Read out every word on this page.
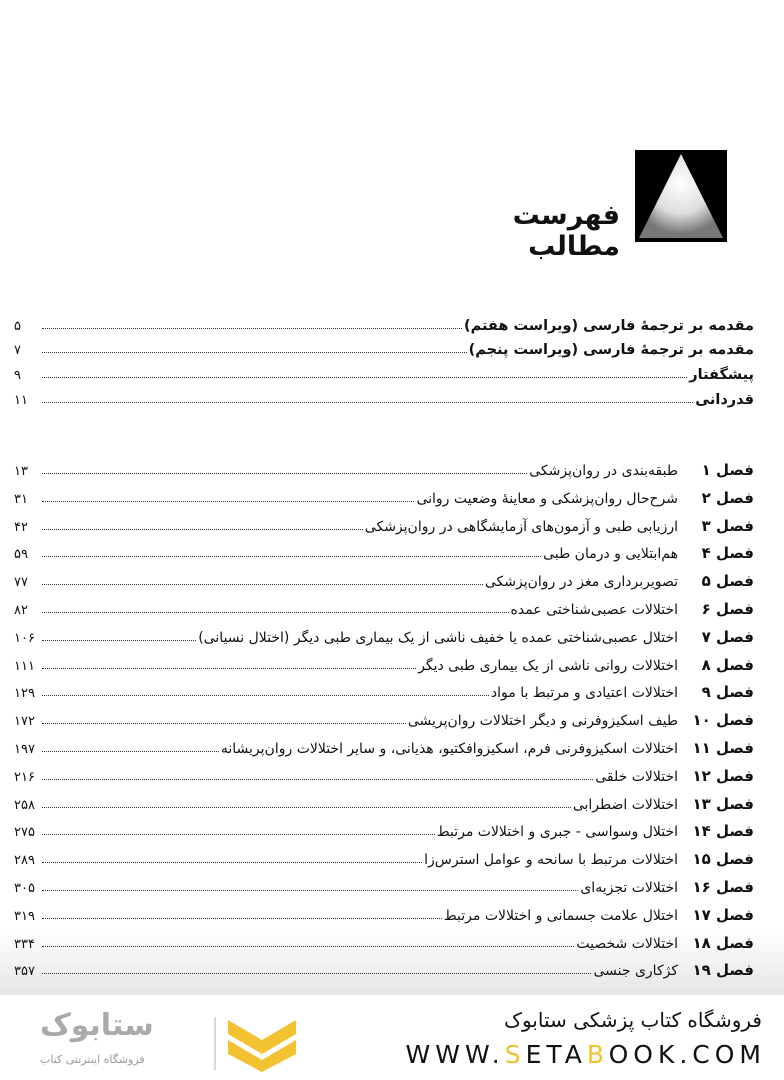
فهرست مطالب
مقدمه بر ترجمهٔ فارسی (ویراست هفتم)
۵
مقدمه بر ترجمهٔ فارسی (ویراست پنجم)
۷
پیشگفتار
۹
قدردانی
۱۱
فصل ۱
طبقه‌بندی در روان‌پزشکی
۱۳
فصل ۲
شرح‌حال روان‌پزشکی و معاینهٔ وضعیت روانی
۳۱
فصل ۳
ارزیابی طبی و آزمون‌های آزمایشگاهی در روان‌پزشکی
۴۲
فصل ۴
هم‌ابتلایی و درمان طبی
۵۹
فصل ۵
تصویربرداری مغز در روان‌پزشکی
۷۷
فصل ۶
اختلالات عصبی‌شناختی عمده
۸۲
فصل ۷
اختلال عصبی‌شناختی عمده یا خفیف ناشی از یک بیماری طبی دیگر (اختلال نسیانی)
۱۰۶
فصل ۸
اختلالات روانی ناشی از یک بیماری طبی دیگر
۱۱۱
فصل ۹
اختلالات اعتیادی و مرتبط با مواد
۱۲۹
فصل ۱۰
طیف اسکیزوفرنی و دیگر اختلالات روان‌پریشی
۱۷۲
فصل ۱۱
اختلالات اسکیزوفرنی فرم، اسکیزوافکتیو، هذیانی، و سایر اختلالات روان‌پریشانه
۱۹۷
فصل ۱۲
اختلالات خلقی
۲۱۶
فصل ۱۳
اختلالات اضطرابی
۲۵۸
فصل ۱۴
اختلال وسواسی - جبری و اختلالات مرتبط
۲۷۵
فصل ۱۵
اختلالات مرتبط با سانحه و عوامل استرس‌زا
۲۸۹
فصل ۱۶
اختلالات تجزیه‌ای
۳۰۵
فصل ۱۷
اختلال علامت جسمانی و اختلالات مرتبط
۳۱۹
فصل ۱۸
اختلالات شخصیت
۳۳۴
فصل ۱۹
کژکاری جنسی
۳۵۷
ستابوک
فروشگاه اینترنتی کتاب
فروشگاه کتاب پزشکی ستابوک
WWW.SETABOOK.COM
